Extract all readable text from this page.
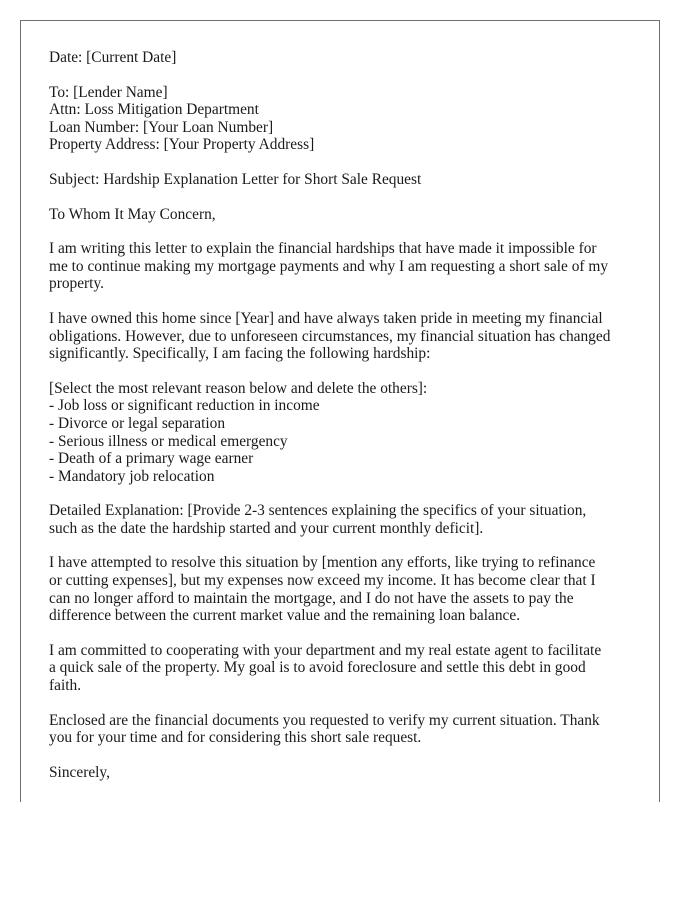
Date: [Current Date]
To: [Lender Name]
Attn: Loss Mitigation Department
Loan Number: [Your Loan Number]
Property Address: [Your Property Address]
Subject: Hardship Explanation Letter for Short Sale Request
To Whom It May Concern,
I am writing this letter to explain the financial hardships that have made it impossible for
me to continue making my mortgage payments and why I am requesting a short sale of my
property.
I have owned this home since [Year] and have always taken pride in meeting my financial
obligations. However, due to unforeseen circumstances, my financial situation has changed
significantly. Specifically, I am facing the following hardship:
[Select the most relevant reason below and delete the others]:
- Job loss or significant reduction in income
- Divorce or legal separation
- Serious illness or medical emergency
- Death of a primary wage earner
- Mandatory job relocation
Detailed Explanation: [Provide 2-3 sentences explaining the specifics of your situation,
such as the date the hardship started and your current monthly deficit].
I have attempted to resolve this situation by [mention any efforts, like trying to refinance
or cutting expenses], but my expenses now exceed my income. It has become clear that I
can no longer afford to maintain the mortgage, and I do not have the assets to pay the
difference between the current market value and the remaining loan balance.
I am committed to cooperating with your department and my real estate agent to facilitate
a quick sale of the property. My goal is to avoid foreclosure and settle this debt in good
faith.
Enclosed are the financial documents you requested to verify my current situation. Thank
you for your time and for considering this short sale request.
Sincerely,
